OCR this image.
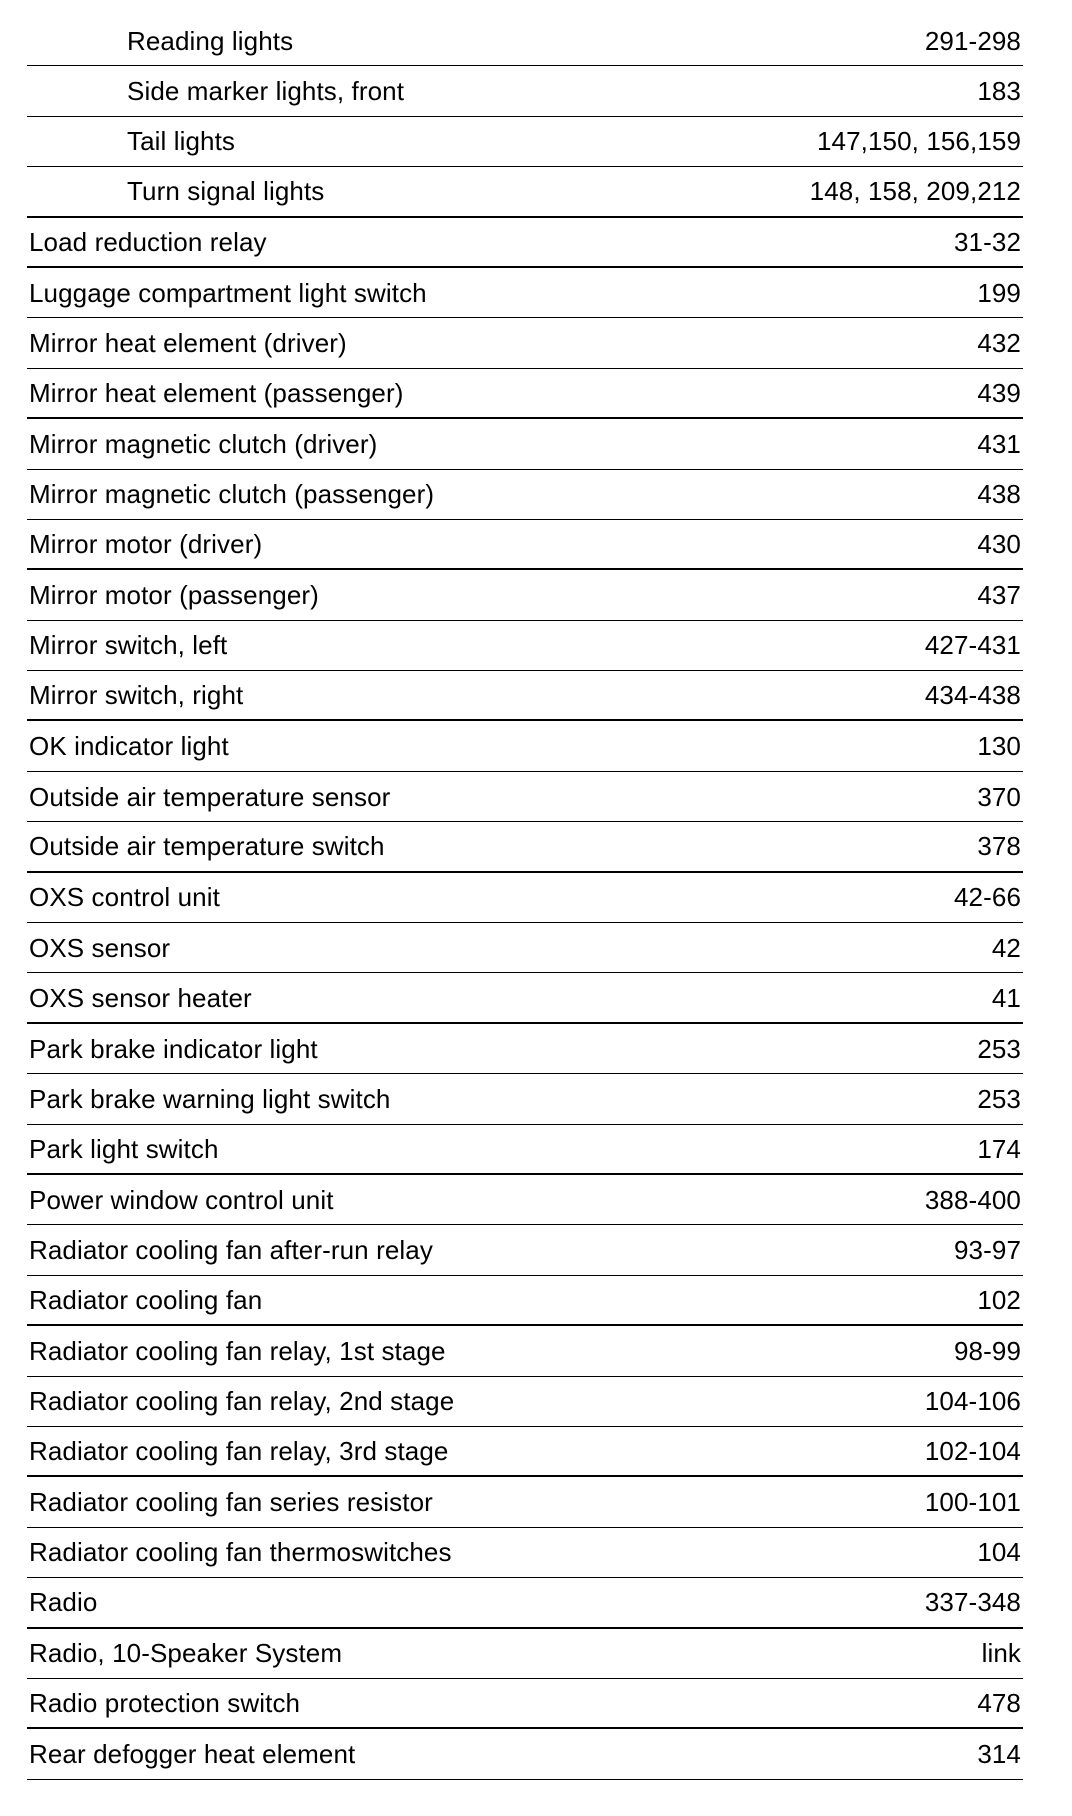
Reading lights	291-298
Side marker lights, front	183
Tail lights	147,150, 156,159
Turn signal lights	148, 158, 209,212
Load reduction relay	31-32
Luggage compartment light switch	199
Mirror heat element (driver)	432
Mirror heat element (passenger)	439
Mirror magnetic clutch (driver)	431
Mirror magnetic clutch (passenger)	438
Mirror motor (driver)	430
Mirror motor (passenger)	437
Mirror switch, left	427-431
Mirror switch, right	434-438
OK indicator light	130
Outside air temperature sensor	370
Outside air temperature switch	378
OXS control unit	42-66
OXS sensor	42
OXS sensor heater	41
Park brake indicator light	253
Park brake warning light switch	253
Park light switch	174
Power window control unit	388-400
Radiator cooling fan after-run relay	93-97
Radiator cooling fan	102
Radiator cooling fan relay, 1st stage	98-99
Radiator cooling fan relay, 2nd stage	104-106
Radiator cooling fan relay, 3rd stage	102-104
Radiator cooling fan series resistor	100-101
Radiator cooling fan thermoswitches	104
Radio	337-348
Radio, 10-Speaker System	link
Radio protection switch	478
Rear defogger heat element	314
